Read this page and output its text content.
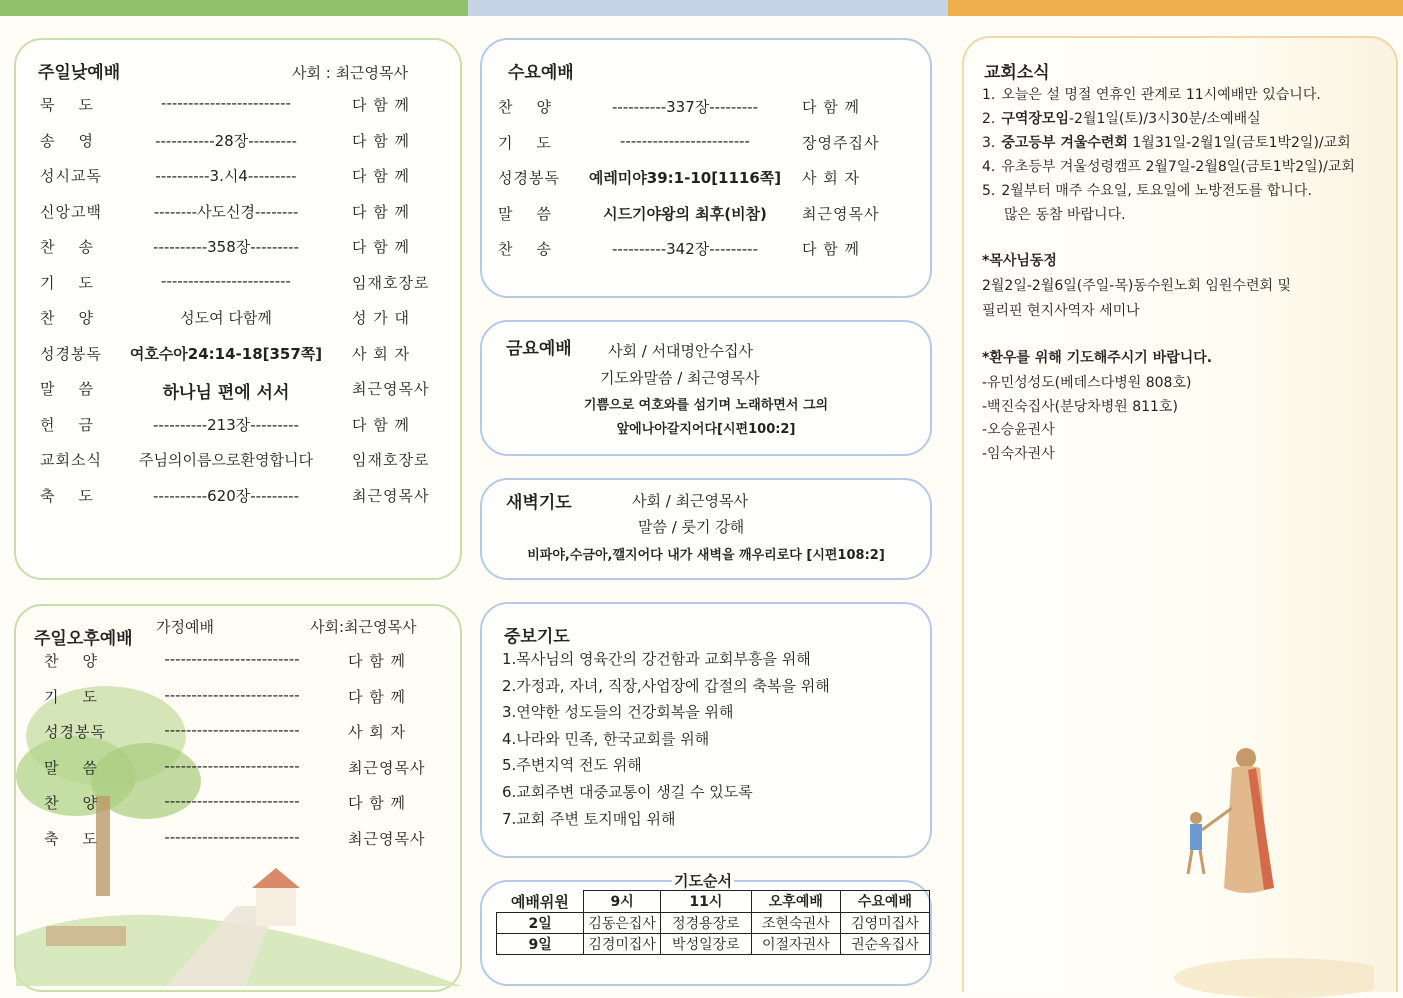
주일낮예배	사회 : 최근영목사
묵    도	------------------------	다 함 께
송    영	-----------28장---------	다 함 께
성시교독	----------3.시4---------	다 함 께
신앙고백	--------사도신경--------	다 함 께
찬    송	----------358장---------	다 함 께
기    도	------------------------	임재호장로
찬    양	성도여 다함께	성 가 대
성경봉독	여호수아24:14-18[357쪽]	사 회 자
말    씀	하나님 편에 서서	최근영목사
헌    금	----------213장---------	다 함 께
교회소식	주님의이름으로환영합니다	임재호장로
축    도	----------620장---------	최근영목사
주일오후예배
가정예배	사회:최근영목사
찬    양	-------------------------	다 함 께
기    도	-------------------------	다 함 께
성경봉독	-------------------------	사 회 자
말    씀	-------------------------	최근영목사
찬    양	-------------------------	다 함 께
축    도	-------------------------	최근영목사
수요예배
찬    양	----------337장---------	다 함 께
기    도	------------------------	장영주집사
성경봉독	예레미야39:1-10[1116쪽]	사 회 자
말    씀	시드기야왕의 최후(비참)	최근영목사
찬    송	----------342장---------	다 함 께
금요예배 사회 / 서대명안수집사
기도와말씀 / 최근영목사
기쁨으로 여호와를 섬기며 노래하면서 그의
앞에나아갈지어다[시편100:2]
새벽기도	사회 / 최근영목사
말씀 / 룻기 강해
비파야,수금아,깰지어다 내가 새벽을 깨우리로다 [시편108:2]
중보기도
1.목사님의 영육간의 강건함과 교회부흥을 위해
2.가정과, 자녀, 직장,사업장에 갑절의 축복을 위해
3.연약한 성도들의 건강회복을 위해
4.나라와 민족, 한국교회를 위해
5.주변지역 전도 위해
6.교회주변 대중교통이 생길 수 있도록
7.교회 주변 토지매입 위해
기도순서
예배위원	9시	11시	오후예배	수요예배
2일	김동은집사	정경용장로	조현숙권사	김영미집사
9일	김경미집사	박성일장로	이절자권사	권순옥집사
교회소식
1. 오늘은 설 명절 연휴인 관계로 11시예배만 있습니다.
2. 구역장모임-2월1일(토)/3시30분/소예배실
3. 중고등부 겨울수련회 1월31일-2월1일(금토1박2일)/교회
4. 유초등부 겨울성령캠프 2월7일-2월8일(금토1박2일)/교회
5. 2월부터 매주 수요일, 토요일에 노방전도를 합니다.
많은 동참 바랍니다.
*목사님동정
2월2일-2월6일(주일-목)동수원노회 임원수련회 및
필리핀 현지사역자 세미나
*환우를 위해 기도해주시기 바랍니다.
-유민성성도(베데스다병원 808호)
-백진숙집사(분당차병원 811호)
-오승윤권사
-임숙자권사
